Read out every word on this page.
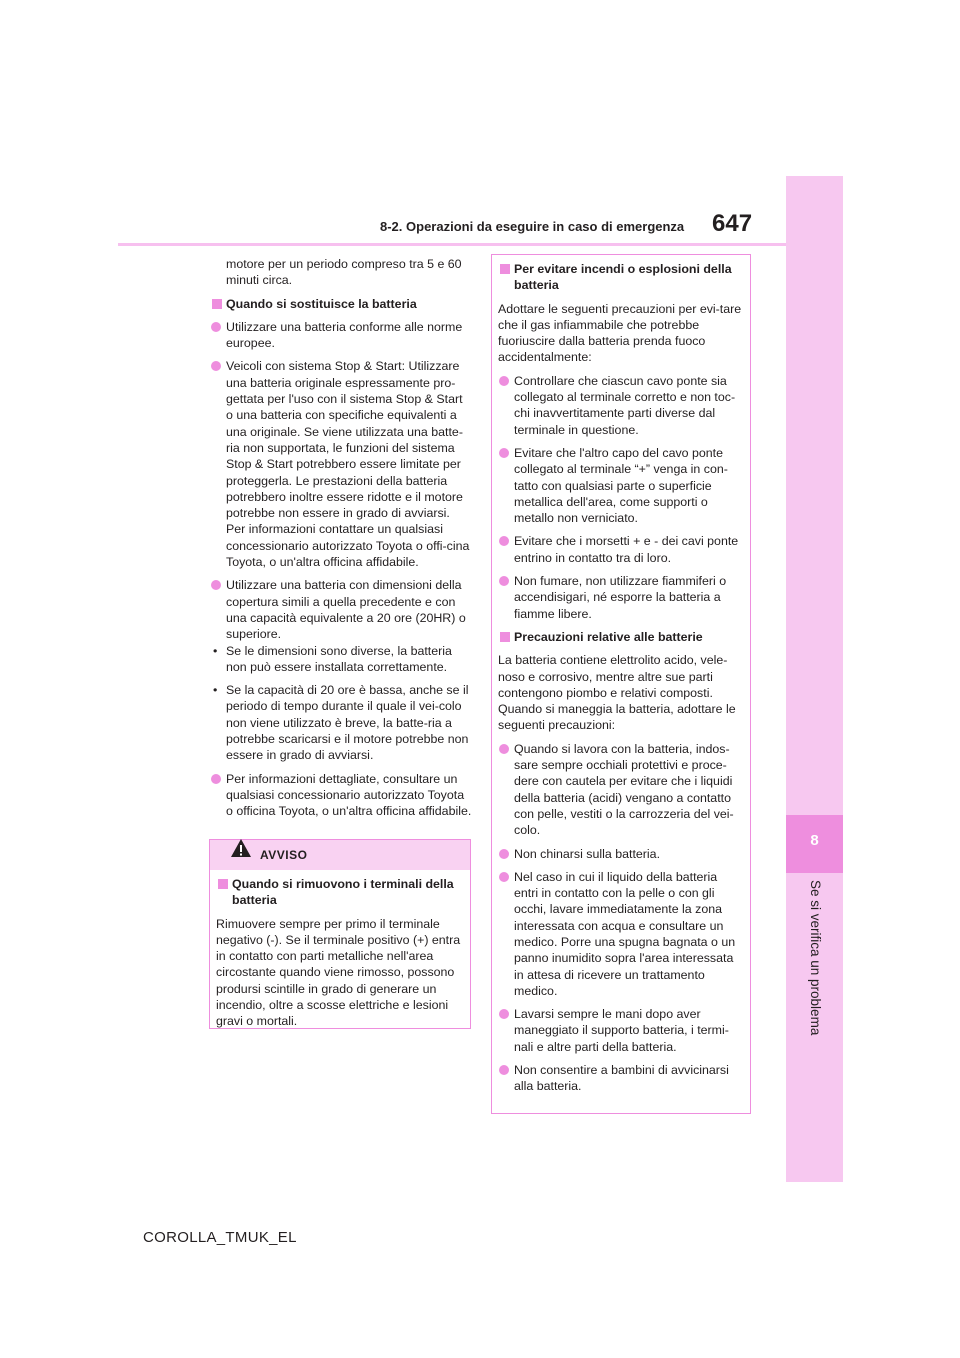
8
Se si verifica un problema
8-2. Operazioni da eseguire in caso di emergenza 647

motore per un periodo compreso tra 5 e 60 minuti circa.

Quando si sostituisce la batteria

Utilizzare una batteria conforme alle norme europee.

Veicoli con sistema Stop & Start: Utilizzare una batteria originale espressamente pro-gettata per l'uso con il sistema Stop & Start o una batteria con specifiche equivalenti a una originale. Se viene utilizzata una batte-ria non supportata, le funzioni del sistema Stop & Start potrebbero essere limitate per proteggerla. Le prestazioni della batteria potrebbero inoltre essere ridotte e il motore potrebbe non essere in grado di avviarsi. Per informazioni contattare un qualsiasi concessionario autorizzato Toyota o offi-cina Toyota, o un'altra officina affidabile.

Utilizzare una batteria con dimensioni della copertura simili a quella precedente e con una capacità equivalente a 20 ore (20HR) o superiore.

• Se le dimensioni sono diverse, la batteria non può essere installata correttamente.

• Se la capacità di 20 ore è bassa, anche se il periodo di tempo durante il quale il vei-colo non viene utilizzato è breve, la batte-ria a potrebbe scaricarsi e il motore potrebbe non essere in grado di avviarsi.

Per informazioni dettagliate, consultare un qualsiasi concessionario autorizzato Toyota o officina Toyota, o un'altra officina affidabile.

Quando si rimuovono i terminali della batteria

Rimuovere sempre per primo il terminale negativo (-). Se il terminale positivo (+) entra in contatto con parti metalliche nell'area circostante quando viene rimosso, possono prodursi scintille in grado di generare un incendio, oltre a scosse elettriche e lesioni gravi o mortali.

AVVISO

Per evitare incendi o esplosioni della batteria

Adottare le seguenti precauzioni per evi-tare che il gas infiammabile che potrebbe fuoriuscire dalla batteria prenda fuoco accidentalmente:

Controllare che ciascun cavo ponte sia collegato al terminale corretto e non toc-chi inavvertitamente parti diverse dal terminale in questione.

Evitare che l'altro capo del cavo ponte collegato al terminale “+” venga in con-tatto con qualsiasi parte o superficie metallica dell'area, come supporti o metallo non verniciato.

Evitare che i morsetti + e - dei cavi ponte entrino in contatto tra di loro.

Non fumare, non utilizzare fiammiferi o accendisigari, né esporre la batteria a fiamme libere.

Precauzioni relative alle batterie

La batteria contiene elettrolito acido, vele-noso e corrosivo, mentre altre sue parti contengono piombo e relativi composti. Quando si maneggia la batteria, adottare le seguenti precauzioni:

Quando si lavora con la batteria, indos-sare sempre occhiali protettivi e proce-dere con cautela per evitare che i liquidi della batteria (acidi) vengano a contatto con pelle, vestiti o la carrozzeria del vei-colo.

Non chinarsi sulla batteria.

Nel caso in cui il liquido della batteria entri in contatto con la pelle o con gli occhi, lavare immediatamente la zona interessata con acqua e consultare un medico. Porre una spugna bagnata o un panno inumidito sopra l'area interessata in attesa di ricevere un trattamento medico.

Lavarsi sempre le mani dopo aver maneggiato il supporto batteria, i termi-nali e altre parti della batteria.

Non consentire a bambini di avvicinarsi alla batteria.

COROLLA_TMUK_EL
